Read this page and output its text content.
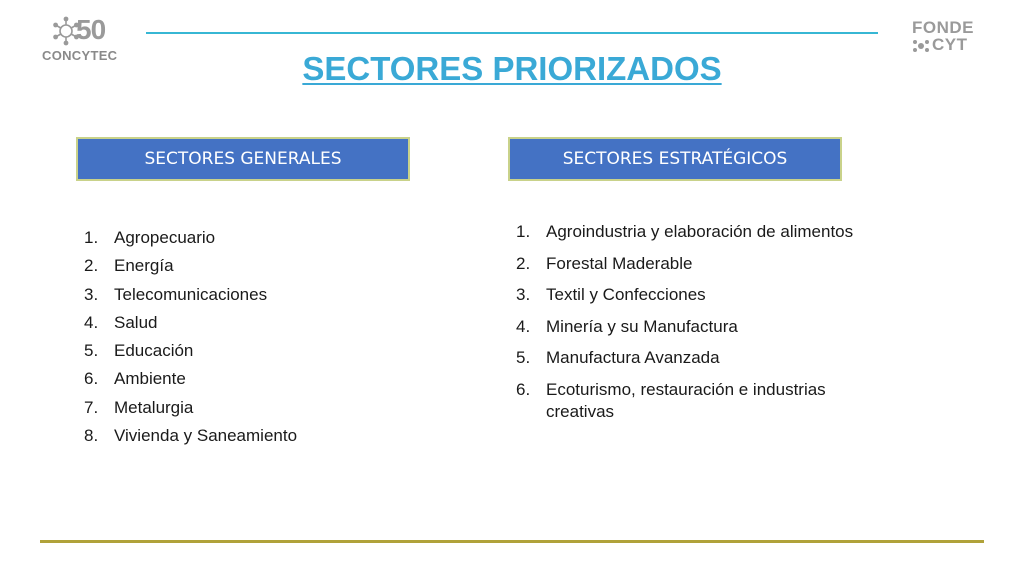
50
CONCYTEC
FONDE
CYT
SECTORES PRIORIZADOS
SECTORES GENERALES	SECTORES ESTRATÉGICOS
1. Agropecuario
2. Energía
3. Telecomunicaciones
4. Salud
5. Educación
6. Ambiente
7. Metalurgia
8. Vivienda y Saneamiento
1. Agroindustria y elaboración de alimentos
2. Forestal Maderable
3. Textil y Confecciones
4. Minería y su Manufactura
5. Manufactura Avanzada
6. Ecoturismo, restauración e industrias creativas
